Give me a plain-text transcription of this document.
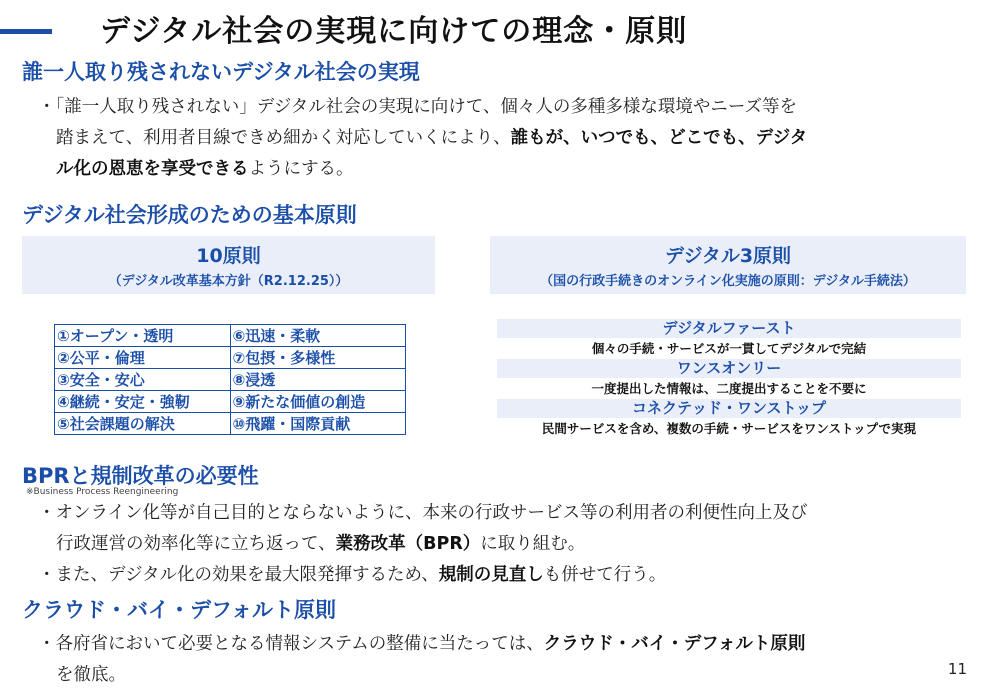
デジタル社会の実現に向けての理念・原則
誰一人取り残されないデジタル社会の実現
・「誰一人取り残されない」デジタル社会の実現に向けて、個々人の多種多様な環境やニーズ等を
踏まえて、利用者目線できめ細かく対応していくにより、誰もが、いつでも、どこでも、デジタ
ル化の恩恵を享受できるようにする。
デジタル社会形成のための基本原則
10原則
（デジタル改革基本方針（R2.12.25））
デジタル3原則
（国の行政手続きのオンライン化実施の原則：デジタル手続法）
①オープン・透明	⑥迅速・柔軟
②公平・倫理	⑦包摂・多様性
③安全・安心	⑧浸透
④継続・安定・強靭	⑨新たな価値の創造
⑤社会課題の解決	⑩飛躍・国際貢献
デジタルファースト
個々の手続・サービスが一貫してデジタルで完結
ワンスオンリー
一度提出した情報は、二度提出することを不要に
コネクテッド・ワンストップ
民間サービスを含め、複数の手続・サービスをワンストップで実現
BPRと規制改革の必要性
※Business Process Reengineering
・オンライン化等が自己目的とならないように、本来の行政サービス等の利用者の利便性向上及び
行政運営の効率化等に立ち返って、業務改革（BPR）に取り組む。
・また、デジタル化の効果を最大限発揮するため、規制の見直しも併せて行う。
クラウド・バイ・デフォルト原則
・各府省において必要となる情報システムの整備に当たっては、クラウド・バイ・デフォルト原則
を徹底。	11
